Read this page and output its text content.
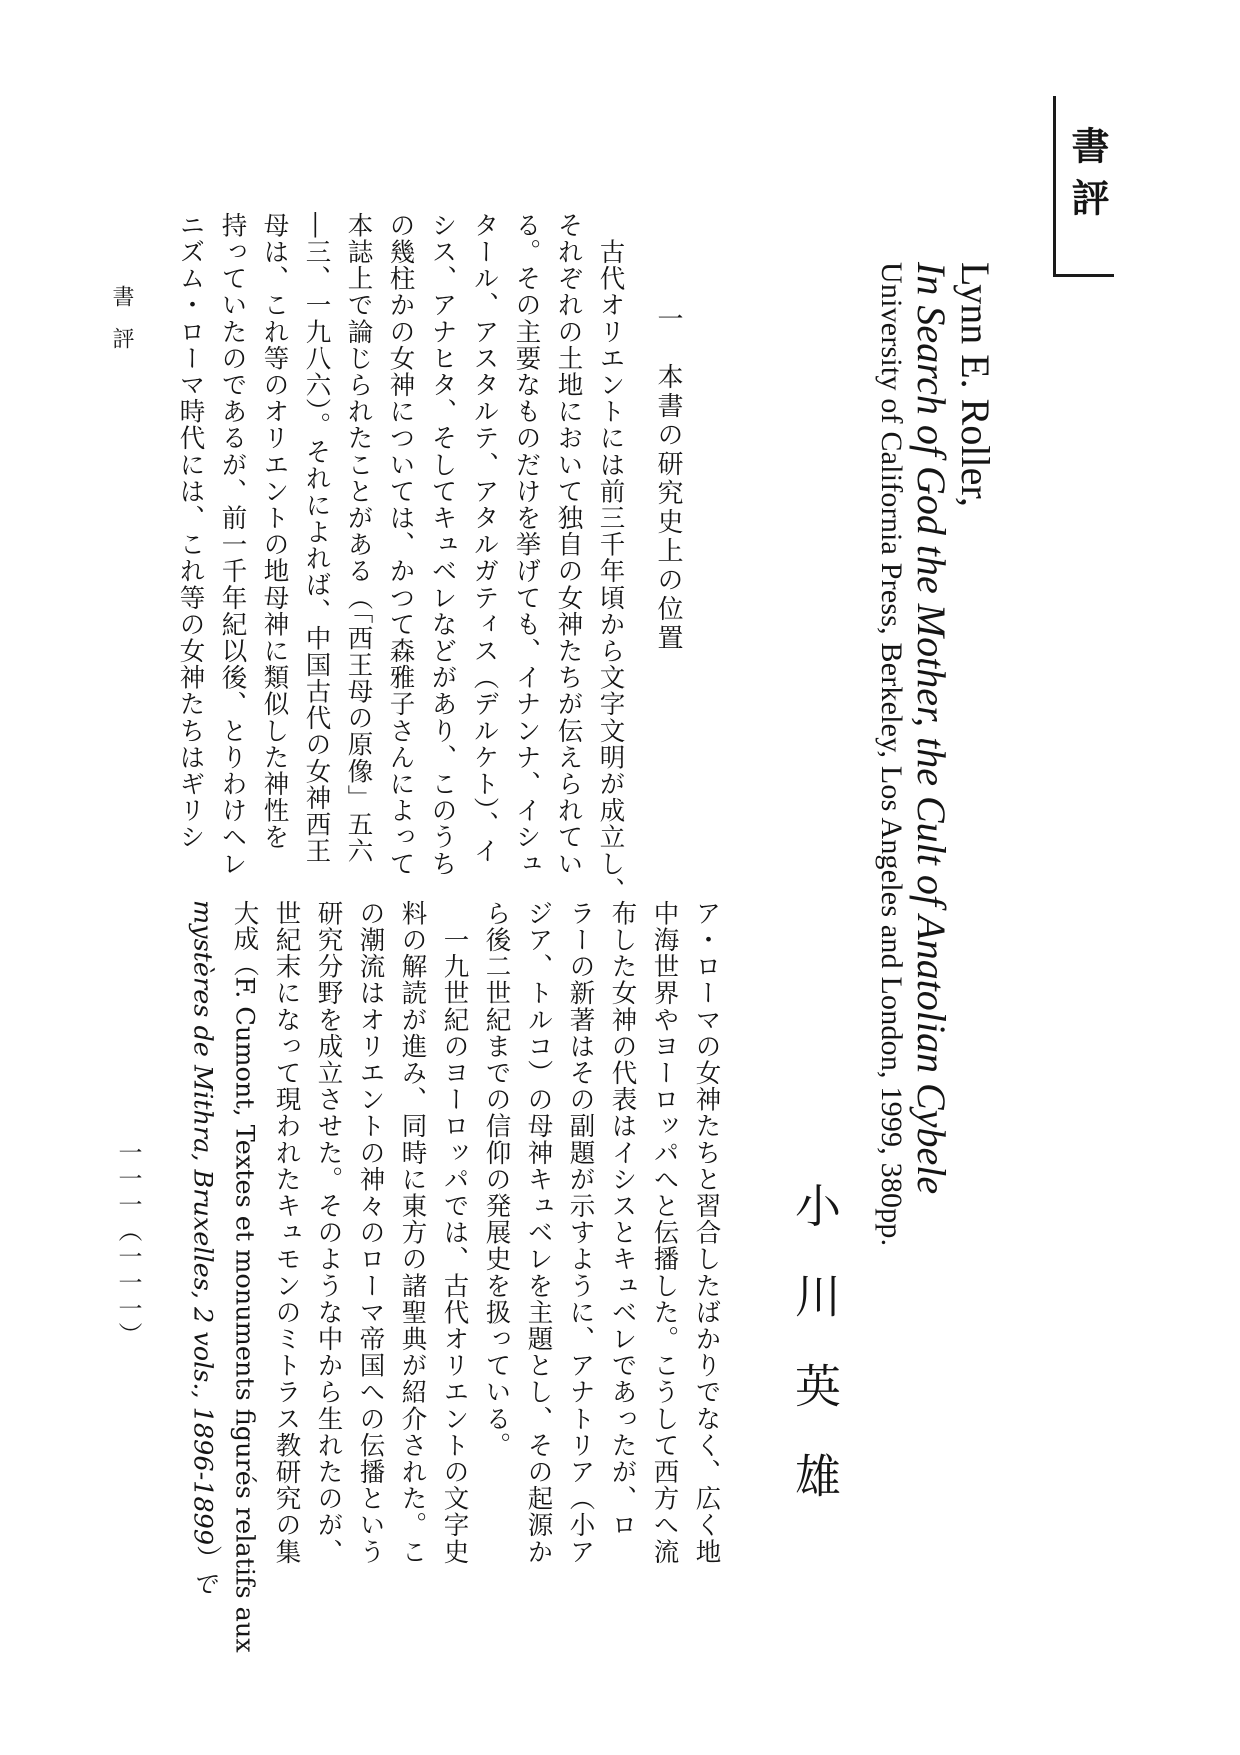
書評
Lynn E. Roller,
In Search of God the Mother, the Cult of Anatolian Cybele
University of California Press, Berkeley, Los Angeles and London, 1999, 380pp.
小川英雄
ア・ローマの女神たちと習合したばかりでなく、広く地
中海世界やヨーロッパへと伝播した。こうして西方へ流
布した女神の代表はイシスとキュベレであったが、ロ
ラーの新著はその副題が示すように、アナトリア（小ア
ジア、トルコ）の母神キュベレを主題とし、その起源か
ら後二世紀までの信仰の発展史を扱っている。
　一九世紀のヨーロッパでは、古代オリエントの文字史
料の解読が進み、同時に東方の諸聖典が紹介された。こ
の潮流はオリエントの神々のローマ帝国への伝播という
研究分野を成立させた。そのような中から生れたのが、
世紀末になって現われたキュモンのミトラス教研究の集
大成（F. Cumont, Textes et monuments figurés relatifs aux
mystères de Mithra, Bruxelles, 2 vols., 1896-1899）で
一　本書の研究史上の位置
　古代オリエントには前三千年頃から文字文明が成立し、
それぞれの土地において独自の女神たちが伝えられてい
る。その主要なものだけを挙げても、イナンナ、イシュ
タール、アスタルテ、アタルガティス（デルケト）、イ
シス、アナヒタ、そしてキュベレなどがあり、このうち
の幾柱かの女神については、かつて森雅子さんによって
本誌上で論じられたことがある（「西王母の原像」五六
―三、一九八六）。それによれば、中国古代の女神西王
母は、これ等のオリエントの地母神に類似した神性を
持っていたのであるが、前一千年紀以後、とりわけヘレ
ニズム・ローマ時代には、これ等の女神たちはギリシ
書評
一一一（一一一）
